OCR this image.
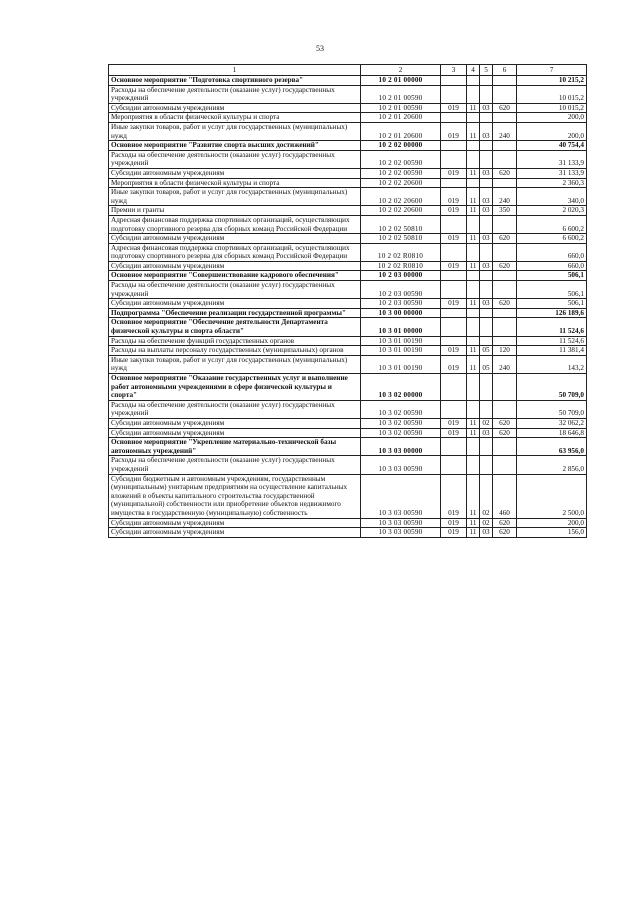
53
1	2	3	4	5	6	7
Основное мероприятие "Подготовка спортивного резерва"	10 2 01 00000					10 215,2
Расходы на обеспечение деятельности (оказание услуг) государственных учреждений	10 2 01 00590					10 015,2
Субсидии автономным учреждениям	10 2 01 00590	019	11	03	620	10 015,2
Мероприятия в области физической культуры и спорта	10 2 01 20600					200,0
Иные закупки товаров, работ и услуг для государственных (муниципальных) нужд	10 2 01 20600	019	11	03	240	200,0
Основное мероприятие "Развитие спорта высших достижений"	10 2 02 00000					40 754,4
Расходы на обеспечение деятельности (оказание услуг) государственных учреждений	10 2 02 00590					31 133,9
Субсидии автономным учреждениям	10 2 02 00590	019	11	03	620	31 133,9
Мероприятия в области физической культуры и спорта	10 2 02 20600					2 360,3
Иные закупки товаров, работ и услуг для государственных (муниципальных) нужд	10 2 02 20600	019	11	03	240	340,0
Премии и гранты	10 2 02 20600	019	11	03	350	2 020,3
Адресная финансовая поддержка спортивных организаций, осуществляющих подготовку спортивного резерва для сборных команд Российской Федерации	10 2 02 50810					6 600,2
Субсидии автономным учреждениям	10 2 02 50810	019	11	03	620	6 600,2
Адресная финансовая поддержка спортивных организаций, осуществляющих подготовку спортивного резерва для сборных команд Российской Федерации	10 2 02 R0810					660,0
Субсидии автономным учреждениям	10 2 02 R0810	019	11	03	620	660,0
Основное мероприятие "Совершенствование кадрового обеспечения"	10 2 03 00000					506,1
Расходы на обеспечение деятельности (оказание услуг) государственных учреждений	10 2 03 00590					506,1
Субсидии автономным учреждениям	10 2 03 00590	019	11	03	620	506,1
Подпрограмма "Обеспечение реализации государственной программы"	10 3 00 00000					126 189,6
Основное мероприятие "Обеспечение деятельности Департамента физической культуры и спорта области"	10 3 01 00000					11 524,6
Расходы на обеспечение функций государственных органов	10 3 01 00190					11 524,6
Расходы на выплаты персоналу государственных (муниципальных) органов	10 3 01 00190	019	11	05	120	11 381,4
Иные закупки товаров, работ и услуг для государственных (муниципальных) нужд	10 3 01 00190	019	11	05	240	143,2
Основное мероприятие "Оказание государственных услуг и выполнение работ автономными учреждениями в сфере физической культуры и спорта"	10 3 02 00000					50 709,0
Расходы на обеспечение деятельности (оказание услуг) государственных учреждений	10 3 02 00590					50 709,0
Субсидии автономным учреждениям	10 3 02 00590	019	11	02	620	32 062,2
Субсидии автономным учреждениям	10 3 02 00590	019	11	03	620	18 646,8
Основное мероприятие "Укрепление материально-технической базы автономных учреждений"	10 3 03 00000					63 956,0
Расходы на обеспечение деятельности (оказание услуг) государственных учреждений	10 3 03 00590					2 856,0
Субсидии бюджетным и автономным учреждениям, государственным (муниципальным) унитарным предприятиям на осуществление капитальных вложений в объекты капитального строительства государственной (муниципальной) собственности или приобретение объектов недвижимого имущества в государственную (муниципальную) собственность	10 3 03 00590	019	11	02	460	2 500,0
Субсидии автономным учреждениям	10 3 03 00590	019	11	02	620	200,0
Субсидии автономным учреждениям	10 3 03 00590	019	11	03	620	156,0
